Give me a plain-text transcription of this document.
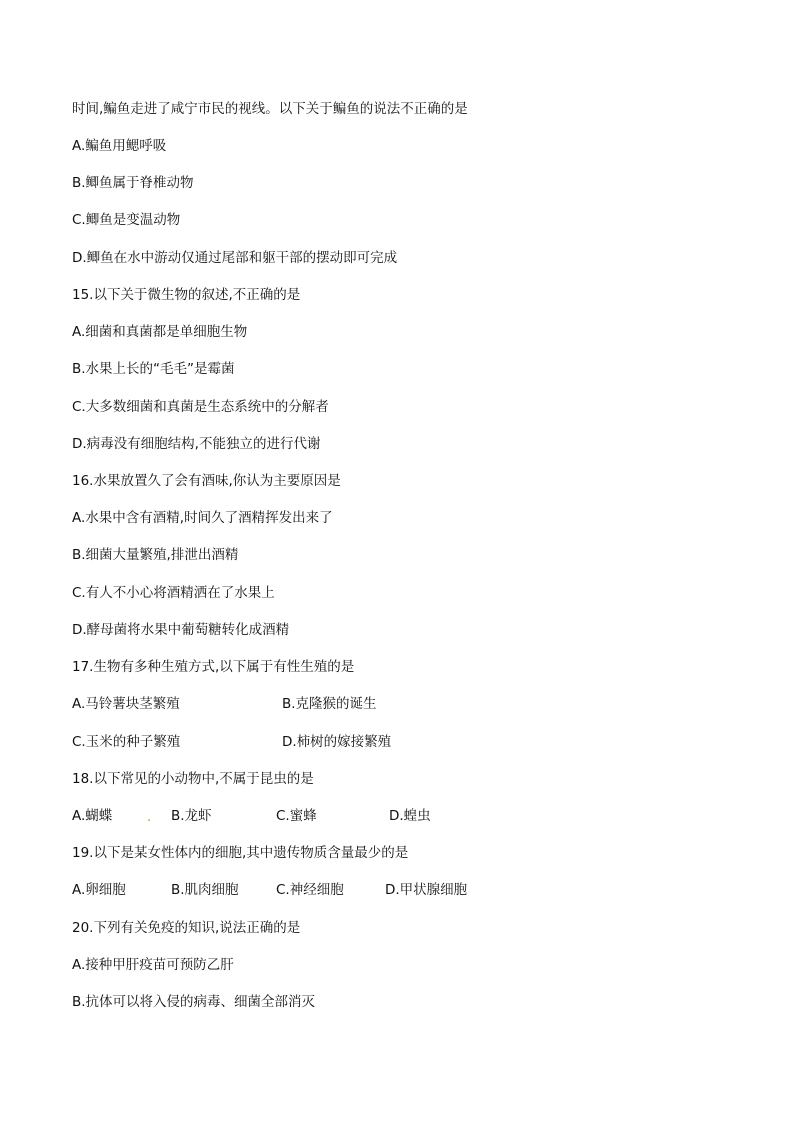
时间,鳊鱼走进了咸宁市民的视线。以下关于鳊鱼的说法不正确的是
A.鳊鱼用鳃呼吸
B.鲫鱼属于脊椎动物
C.鲫鱼是变温动物
D.鲫鱼在水中游动仅通过尾部和躯干部的摆动即可完成
15.以下关于微生物的叙述,不正确的是
A.细菌和真菌都是单细胞生物
B.水果上长的“毛毛”是霉菌
C.大多数细菌和真菌是生态系统中的分解者
D.病毒没有细胞结构,不能独立的进行代谢
16.水果放置久了会有酒味,你认为主要原因是
A.水果中含有酒精,时间久了酒精挥发出来了
B.细菌大量繁殖,排泄出酒精
C.有人不小心将酒精洒在了水果上
D.酵母菌将水果中葡萄糖转化成酒精
17.生物有多种生殖方式,以下属于有性生殖的是
A.马铃薯块茎繁殖	B.克隆猴的诞生
C.玉米的种子繁殖	D.柿树的嫁接繁殖
18.以下常见的小动物中,不属于昆虫的是
A.蝴蝶	. B.龙虾	C.蜜蜂	D.蝗虫
19.以下是某女性体内的细胞,其中遗传物质含量最少的是
A.卵细胞	B.肌肉细胞	C.神经细胞	D.甲状腺细胞
20.下列有关免疫的知识,说法正确的是
A.接种甲肝疫苗可预防乙肝
B.抗体可以将入侵的病毒、细菌全部消灭
